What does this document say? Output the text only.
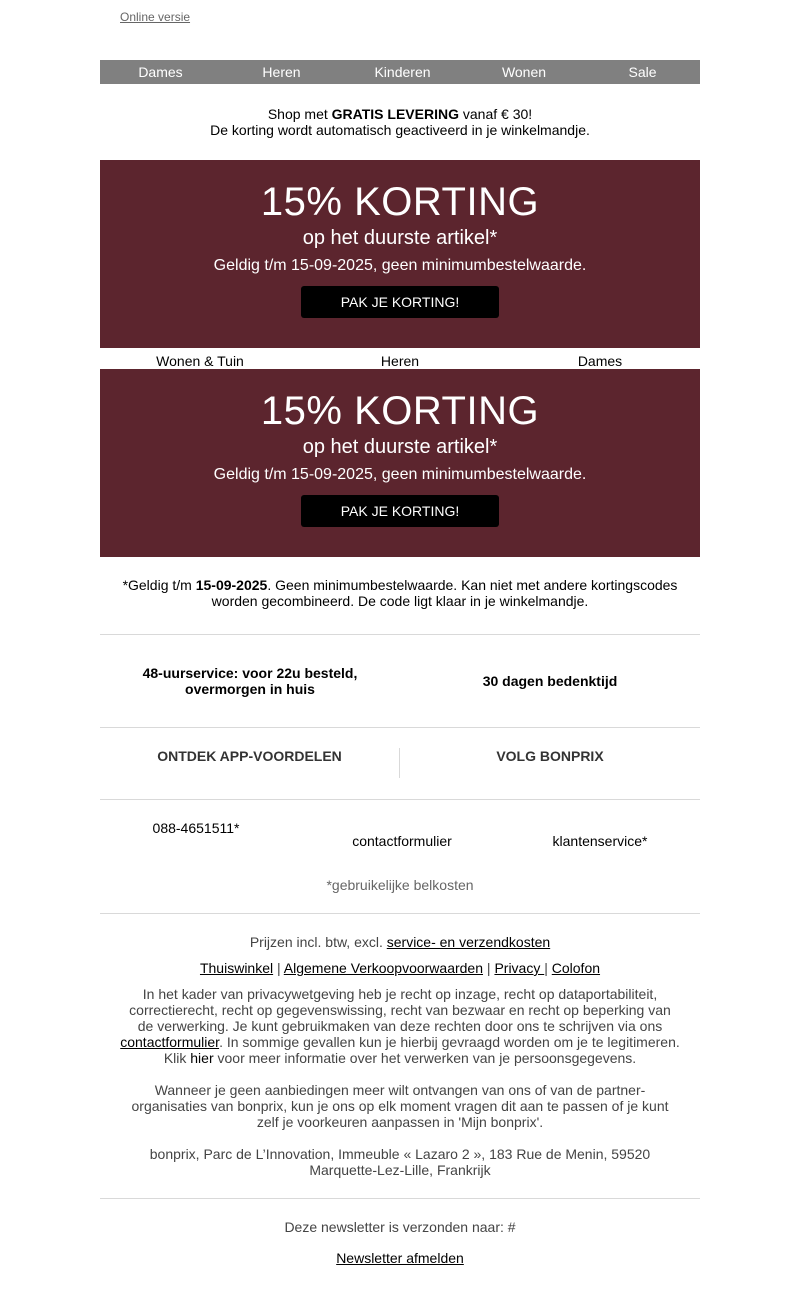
Online versie
Dames	Heren	Kinderen	Wonen	Sale
Shop met GRATIS LEVERING vanaf € 30!
De korting wordt automatisch geactiveerd in je winkelmandje.
15% KORTING
op het duurste artikel*
Geldig t/m 15-09-2025, geen minimumbestelwaarde.
PAK JE KORTING!
Wonen & Tuin	Heren	Dames
15% KORTING
op het duurste artikel*
Geldig t/m 15-09-2025, geen minimumbestelwaarde.
PAK JE KORTING!
*Geldig t/m 15-09-2025. Geen minimumbestelwaarde. Kan niet met andere kortingscodes worden gecombineerd. De code ligt klaar in je winkelmandje.
48-uurservice: voor 22u besteld,
overmorgen in huis	30 dagen bedenktijd
ONTDEK APP-VOORDELEN	VOLG BONPRIX
088-4651511*
contactformulier	klantenservice*
*gebruikelijke belkosten
Prijzen incl. btw, excl. service- en verzendkosten
Thuiswinkel | Algemene Verkoopvoorwaarden | Privacy | Colofon
In het kader van privacywetgeving heb je recht op inzage, recht op dataportabiliteit, correctierecht, recht op gegevenswissing, recht van bezwaar en recht op beperking van de verwerking. Je kunt gebruikmaken van deze rechten door ons te schrijven via ons contactformulier. In sommige gevallen kun je hierbij gevraagd worden om je te legitimeren. Klik hier voor meer informatie over het verwerken van je persoonsgegevens.
Wanneer je geen aanbiedingen meer wilt ontvangen van ons of van de partner-organisaties van bonprix, kun je ons op elk moment vragen dit aan te passen of je kunt zelf je voorkeuren aanpassen in 'Mijn bonprix'.
bonprix, Parc de L’Innovation, Immeuble « Lazaro 2 », 183 Rue de Menin, 59520 Marquette-Lez-Lille, Frankrijk
Deze newsletter is verzonden naar: #
Newsletter afmelden
